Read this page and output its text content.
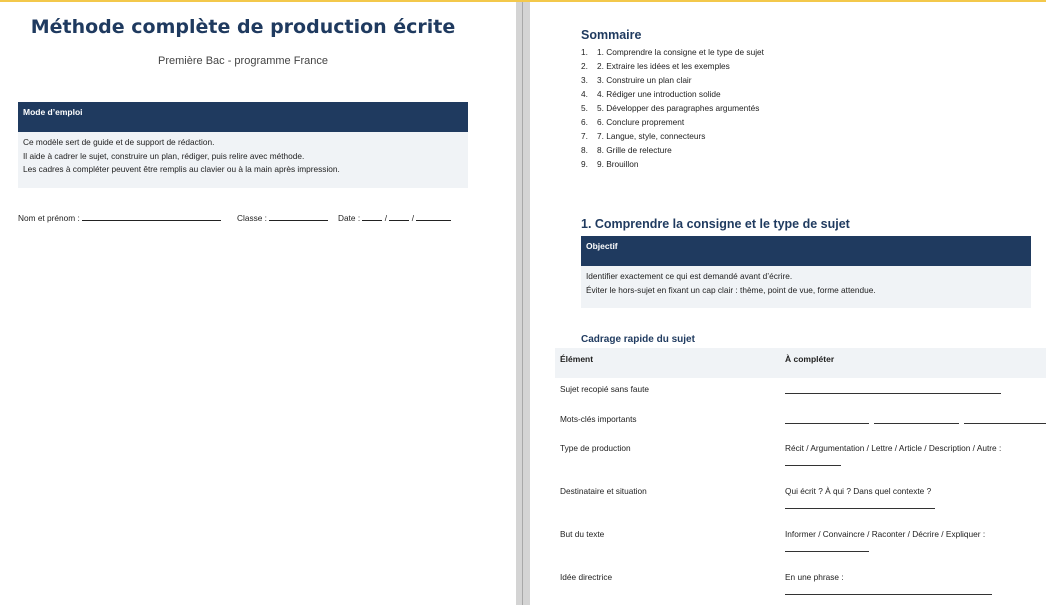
Méthode complète de production écrite
Première Bac - programme France
Mode d’emploi
Ce modèle sert de guide et de support de rédaction.
Il aide à cadrer le sujet, construire un plan, rédiger, puis relire avec méthode.
Les cadres à compléter peuvent être remplis au clavier ou à la main après impression.
Nom et prénom :	Classe :	Date :	/	/
Sommaire
1. 1. Comprendre la consigne et le type de sujet
2. 2. Extraire les idées et les exemples
3. 3. Construire un plan clair
4. 4. Rédiger une introduction solide
5. 5. Développer des paragraphes argumentés
6. 6. Conclure proprement
7. 7. Langue, style, connecteurs
8. 8. Grille de relecture
9. 9. Brouillon
1. Comprendre la consigne et le type de sujet
Objectif
Identifier exactement ce qui est demandé avant d’écrire.
Éviter le hors-sujet en fixant un cap clair : thème, point de vue, forme attendue.
Cadrage rapide du sujet
Élément	À compléter
Sujet recopié sans faute
Mots-clés importants
Type de production	Récit / Argumentation / Lettre / Article / Description / Autre :
Destinataire et situation	Qui écrit ? À qui ? Dans quel contexte ?
But du texte	Informer / Convaincre / Raconter / Décrire / Expliquer :
Idée directrice	En une phrase :
